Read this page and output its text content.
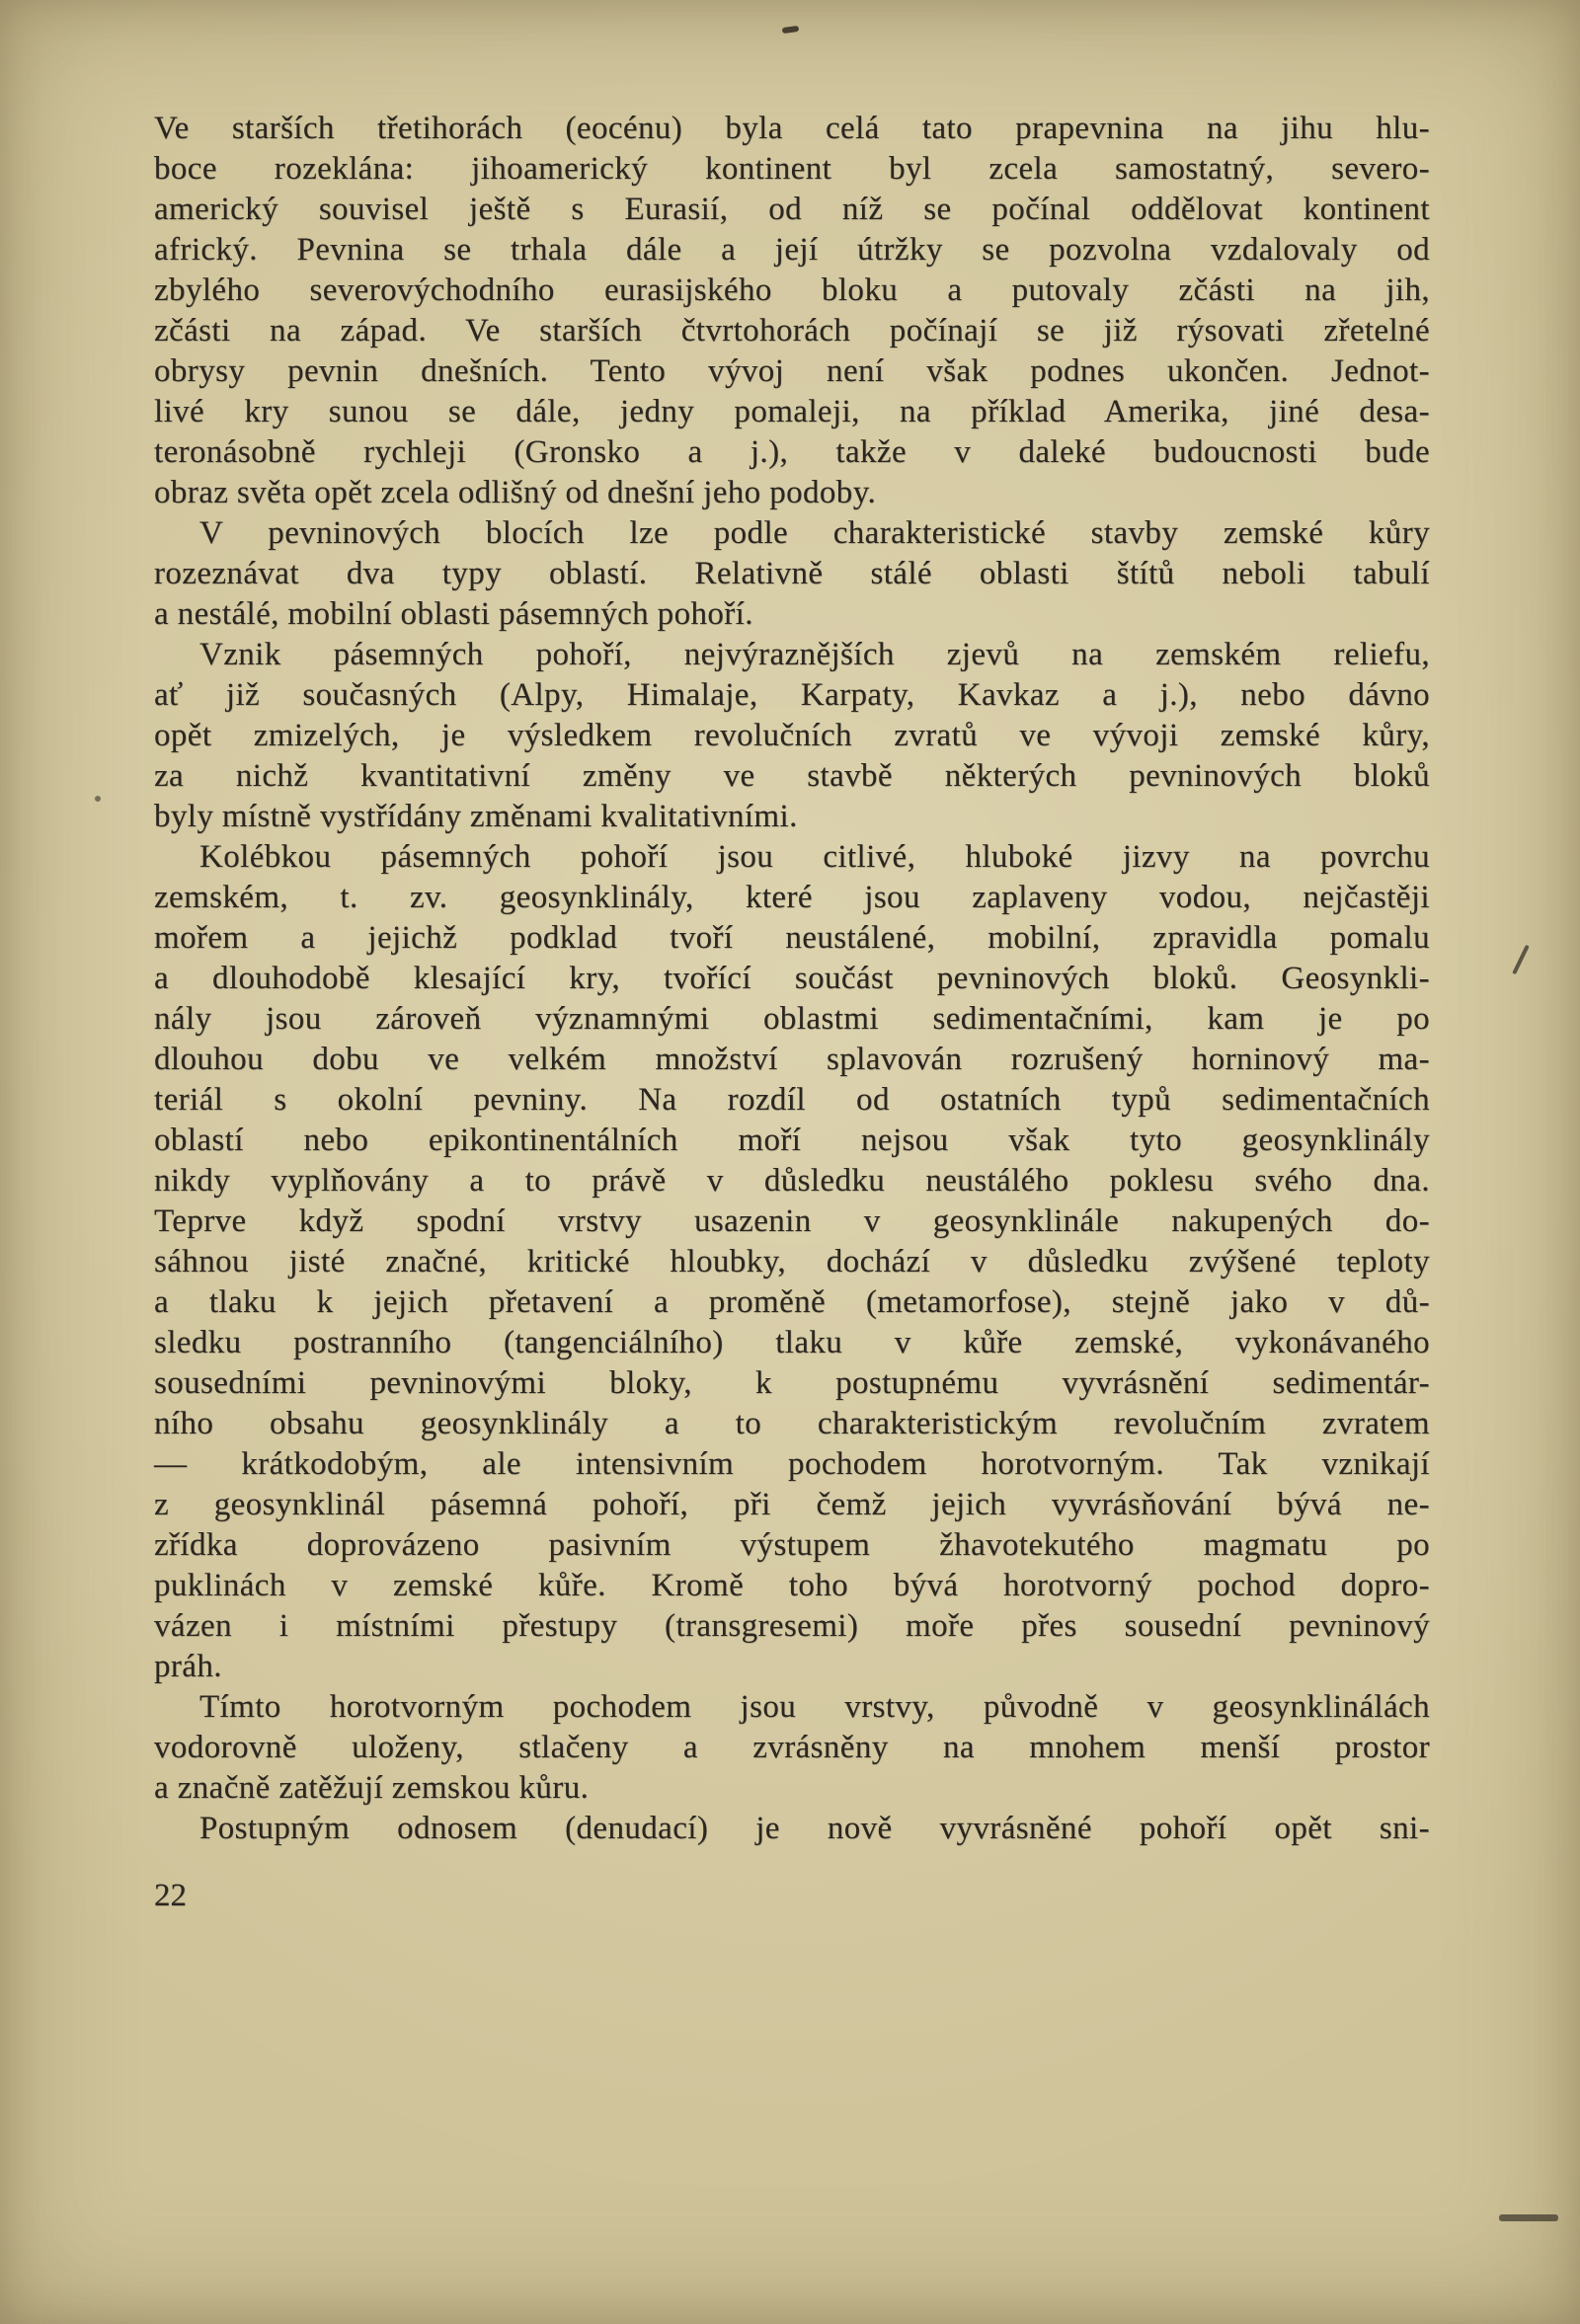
Ve starších třetihorách (eocénu) byla celá tato prapevnina na jihu hlu-
boce rozeklána: jihoamerický kontinent byl zcela samostatný, severo-
americký souvisel ještě s Eurasií, od níž se počínal oddělovat kontinent
africký. Pevnina se trhala dále a její útržky se pozvolna vzdalovaly od
zbylého severovýchodního eurasijského bloku a putovaly zčásti na jih,
zčásti na západ. Ve starších čtvrtohorách počínají se již rýsovati zřetelné
obrysy pevnin dnešních. Tento vývoj není však podnes ukončen. Jednot-
livé kry sunou se dále, jedny pomaleji, na příklad Amerika, jiné desa-
teronásobně rychleji (Gronsko a j.), takže v daleké budoucnosti bude
obraz světa opět zcela odlišný od dnešní jeho podoby.

V pevninových blocích lze podle charakteristické stavby zemské kůry
rozeznávat dva typy oblastí. Relativně stálé oblasti štítů neboli tabulí
a nestálé, mobilní oblasti pásemných pohoří.

Vznik pásemných pohoří, nejvýraznějších zjevů na zemském reliefu,
ať již současných (Alpy, Himalaje, Karpaty, Kavkaz a j.), nebo dávno
opět zmizelých, je výsledkem revolučních zvratů ve vývoji zemské kůry,
za nichž kvantitativní změny ve stavbě některých pevninových bloků
byly místně vystřídány změnami kvalitativními.

Kolébkou pásemných pohoří jsou citlivé, hluboké jizvy na povrchu
zemském, t. zv. geosynklinály, které jsou zaplaveny vodou, nejčastěji
mořem a jejichž podklad tvoří neustálené, mobilní, zpravidla pomalu
a dlouhodobě klesající kry, tvořící součást pevninových bloků. Geosynkli-
nály jsou zároveň významnými oblastmi sedimentačními, kam je po
dlouhou dobu ve velkém množství splavován rozrušený horninový ma-
teriál s okolní pevniny. Na rozdíl od ostatních typů sedimentačních
oblastí nebo epikontinentálních moří nejsou však tyto geosynklinály
nikdy vyplňovány a to právě v důsledku neustálého poklesu svého dna.
Teprve když spodní vrstvy usazenin v geosynklinále nakupených do-
sáhnou jisté značné, kritické hloubky, dochází v důsledku zvýšené teploty
a tlaku k jejich přetavení a proměně (metamorfose), stejně jako v dů-
sledku postranního (tangenciálního) tlaku v kůře zemské, vykonávaného
sousedními pevninovými bloky, k postupnému vyvrásnění sedimentár-
ního obsahu geosynklinály a to charakteristickým revolučním zvratem
— krátkodobým, ale intensivním pochodem horotvorným. Tak vznikají
z geosynklinál pásemná pohoří, při čemž jejich vyvrásňování bývá ne-
zřídka doprovázeno pasivním výstupem žhavotekutého magmatu po
puklinách v zemské kůře. Kromě toho bývá horotvorný pochod dopro-
vázen i místními přestupy (transgresemi) moře přes sousední pevninový
práh.

Tímto horotvorným pochodem jsou vrstvy, původně v geosynklinálách
vodorovně uloženy, stlačeny a zvrásněny na mnohem menší prostor
a značně zatěžují zemskou kůru.

Postupným odnosem (denudací) je nově vyvrásněné pohoří opět sni-

22
